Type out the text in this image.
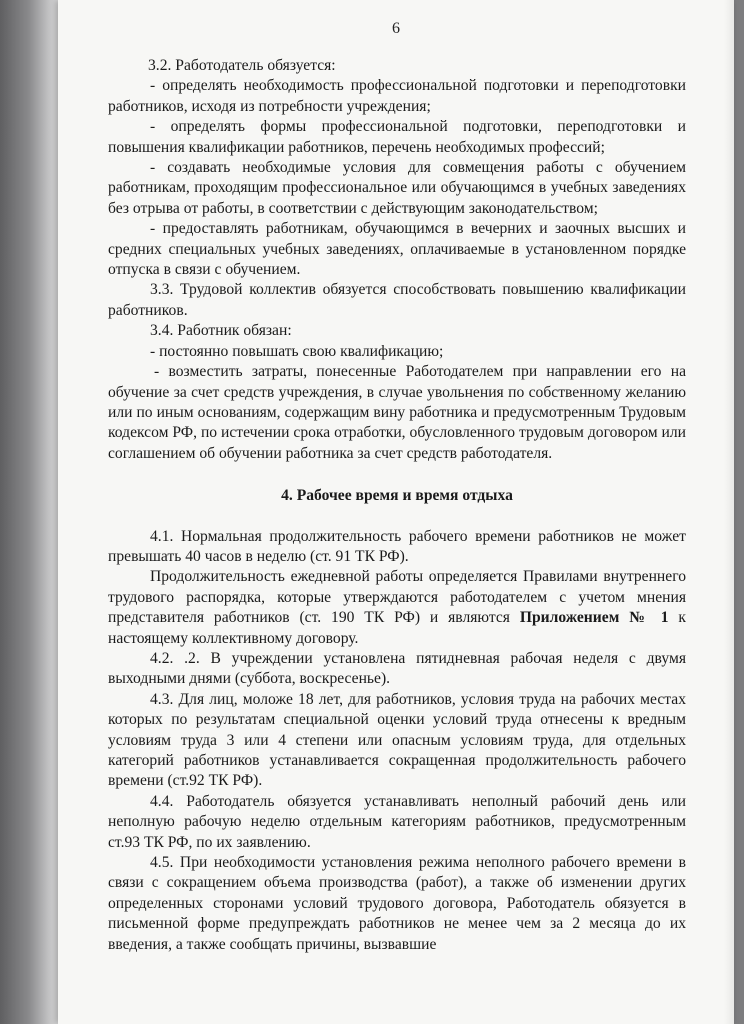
6

3.2. Работодатель обязуется:

- определять необходимость профессиональной подготовки и переподготовки работников, исходя из потребности учреждения;

- определять формы профессиональной подготовки, переподготовки и повышения квалификации работников, перечень необходимых профессий;

- создавать необходимые условия для совмещения работы с обучением работникам, проходящим профессиональное или обучающимся в учебных заведениях без отрыва от работы, в соответствии с действующим законодательством;

- предоставлять работникам, обучающимся в вечерних и заочных высших и средних специальных учебных заведениях, оплачиваемые в установленном порядке отпуска в связи с обучением.

3.3. Трудовой коллектив обязуется способствовать повышению квалификации работников.

3.4. Работник обязан:

- постоянно повышать свою квалификацию;

- возместить затраты, понесенные Работодателем при направлении его на обучение за счет средств учреждения, в случае увольнения по собственному желанию или по иным основаниям, содержащим вину работника и предусмотренным Трудовым кодексом РФ, по истечении срока отработки, обусловленного трудовым договором или соглашением об обучении работника за счет средств работодателя.

4. Рабочее время и время отдыха

4.1. Нормальная продолжительность рабочего времени работников не может превышать 40 часов в неделю (ст. 91 ТК РФ).

Продолжительность ежедневной работы определяется Правилами внутреннего трудового распорядка, которые утверждаются работодателем с учетом мнения представителя работников (ст. 190 ТК РФ) и являются Приложением № 1 к настоящему коллективному договору.

4.2. .2. В учреждении установлена пятидневная рабочая неделя с двумя выходными днями (суббота, воскресенье).

4.3. Для лиц, моложе 18 лет, для работников, условия труда на рабочих местах которых по результатам специальной оценки условий труда отнесены к вредным условиям труда 3 или 4 степени или опасным условиям труда, для отдельных категорий работников устанавливается сокращенная продолжительность рабочего времени (ст.92 ТК РФ).

4.4. Работодатель обязуется устанавливать неполный рабочий день или неполную рабочую неделю отдельным категориям работников, предусмотренным ст.93 ТК РФ, по их заявлению.

4.5. При необходимости установления режима неполного рабочего времени в связи с сокращением объема производства (работ), а также об изменении других определенных сторонами условий трудового договора, Работодатель обязуется в письменной форме предупреждать работников не менее чем за 2 месяца до их введения, а также сообщать причины, вызвавшие
